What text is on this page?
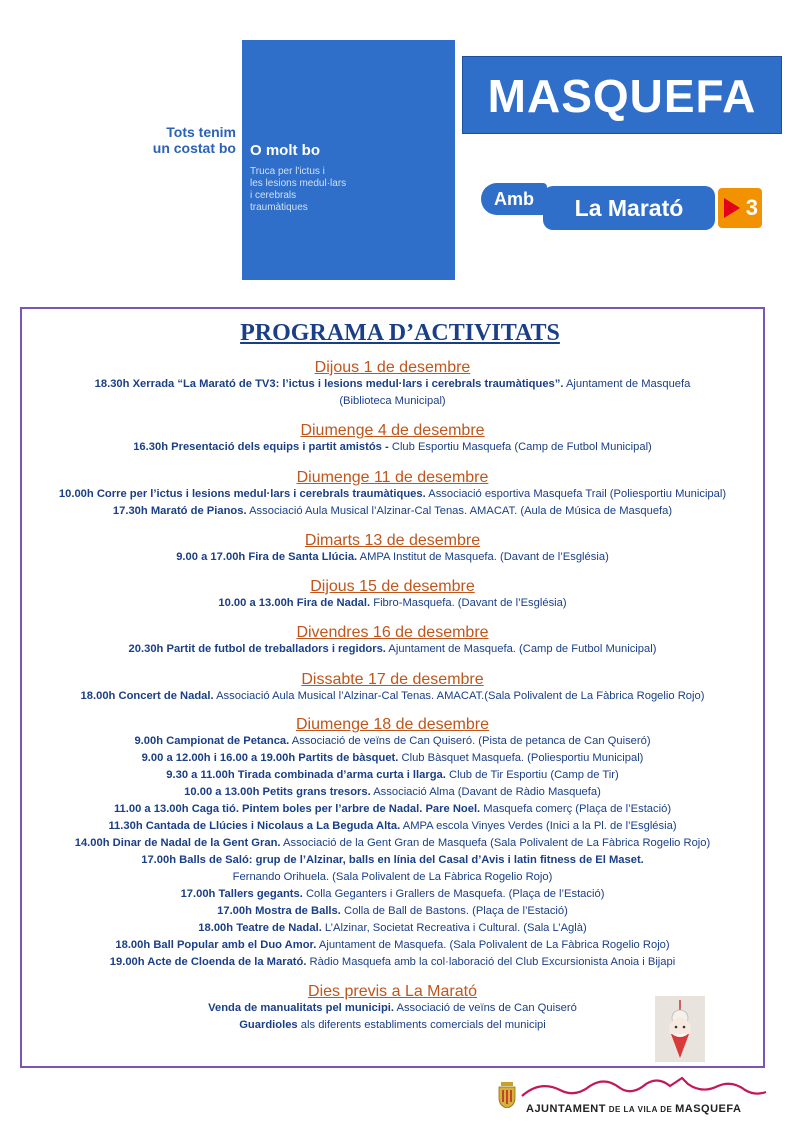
Tots tenim
un costat bo O molt bo
Truca per l'ictus i
les lesions medul·lars
i cerebrals
traumàtiques
MASQUEFA
Amb	La Marató	3
PROGRAMA D’ACTIVITATS
Dijous 1 de desembre
18.30h Xerrada “La Marató de TV3: l’ictus i lesions medul·lars i cerebrals traumàtiques”. Ajuntament de Masquefa
(Biblioteca Municipal)
Diumenge 4 de desembre
16.30h Presentació dels equips i partit amistós - Club Esportiu Masquefa (Camp de Futbol Municipal)
Diumenge 11 de desembre
10.00h Corre per l’ictus i lesions medul·lars i cerebrals traumàtiques. Associació esportiva Masquefa Trail (Poliesportiu Municipal)
17.30h Marató de Pianos. Associació Aula Musical l’Alzinar-Cal Tenas. AMACAT. (Aula de Música de Masquefa)
Dimarts 13 de desembre
9.00 a 17.00h Fira de Santa Llúcia. AMPA Institut de Masquefa. (Davant de l’Església)
Dijous 15 de desembre
10.00 a 13.00h Fira de Nadal. Fibro-Masquefa. (Davant de l’Església)
Divendres 16 de desembre
20.30h Partit de futbol de treballadors i regidors. Ajuntament de Masquefa. (Camp de Futbol Municipal)
Dissabte 17 de desembre
18.00h Concert de Nadal. Associació Aula Musical l’Alzinar-Cal Tenas. AMACAT.(Sala Polivalent de La Fàbrica Rogelio Rojo)
Diumenge 18 de desembre
9.00h Campionat de Petanca. Associació de veïns de Can Quiseró. (Pista de petanca de Can Quiseró)
9.00 a 12.00h i 16.00 a 19.00h Partits de bàsquet. Club Bàsquet Masquefa. (Poliesportiu Municipal)
9.30 a 11.00h Tirada combinada d’arma curta i llarga. Club de Tir Esportiu (Camp de Tir)
10.00 a 13.00h Petits grans tresors. Associació Alma (Davant de Ràdio Masquefa)
11.00 a 13.00h Caga tió. Pintem boles per l’arbre de Nadal. Pare Noel. Masquefa comerç (Plaça de l’Estació)
11.30h Cantada de Llúcies i Nicolaus a La Beguda Alta. AMPA escola Vinyes Verdes (Inici a la Pl. de l’Església)
14.00h Dinar de Nadal de la Gent Gran. Associació de la Gent Gran de Masquefa (Sala Polivalent de La Fàbrica Rogelio Rojo)
17.00h Balls de Saló: grup de l’Alzinar, balls en línia del Casal d’Avis i latin fitness de El Maset.
Fernando Orihuela. (Sala Polivalent de La Fàbrica Rogelio Rojo)
17.00h Tallers gegants. Colla Geganters i Grallers de Masquefa. (Plaça de l’Estació)
17.00h Mostra de Balls. Colla de Ball de Bastons. (Plaça de l’Estació)
18.00h Teatre de Nadal. L’Alzinar, Societat Recreativa i Cultural. (Sala L’Aglà)
18.00h Ball Popular amb el Duo Amor. Ajuntament de Masquefa. (Sala Polivalent de La Fàbrica Rogelio Rojo)
19.00h Acte de Cloenda de la Marató. Ràdio Masquefa amb la col·laboració del Club Excursionista Anoia i Bijapi
Dies previs a La Marató
Venda de manualitats pel municipi. Associació de veïns de Can Quiseró
Guardioles als diferents establiments comercials del municipi
AJUNTAMENT DE LA VILA DE MASQUEFA
